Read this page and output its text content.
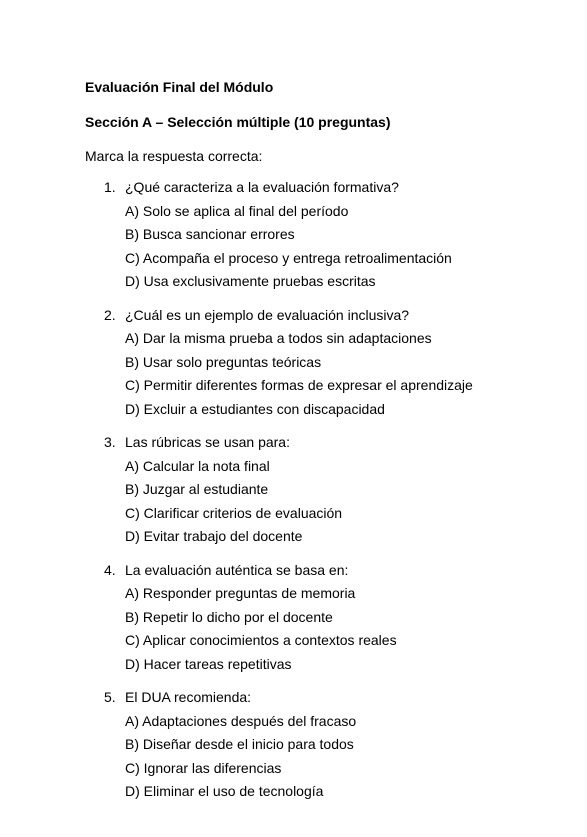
Evaluación Final del Módulo
Sección A – Selección múltiple (10 preguntas)
Marca la respuesta correcta:
1. ¿Qué caracteriza a la evaluación formativa?
A) Solo se aplica al final del período
B) Busca sancionar errores
C) Acompaña el proceso y entrega retroalimentación
D) Usa exclusivamente pruebas escritas
2. ¿Cuál es un ejemplo de evaluación inclusiva?
A) Dar la misma prueba a todos sin adaptaciones
B) Usar solo preguntas teóricas
C) Permitir diferentes formas de expresar el aprendizaje
D) Excluir a estudiantes con discapacidad
3. Las rúbricas se usan para:
A) Calcular la nota final
B) Juzgar al estudiante
C) Clarificar criterios de evaluación
D) Evitar trabajo del docente
4. La evaluación auténtica se basa en:
A) Responder preguntas de memoria
B) Repetir lo dicho por el docente
C) Aplicar conocimientos a contextos reales
D) Hacer tareas repetitivas
5. El DUA recomienda:
A) Adaptaciones después del fracaso
B) Diseñar desde el inicio para todos
C) Ignorar las diferencias
D) Eliminar el uso de tecnología
